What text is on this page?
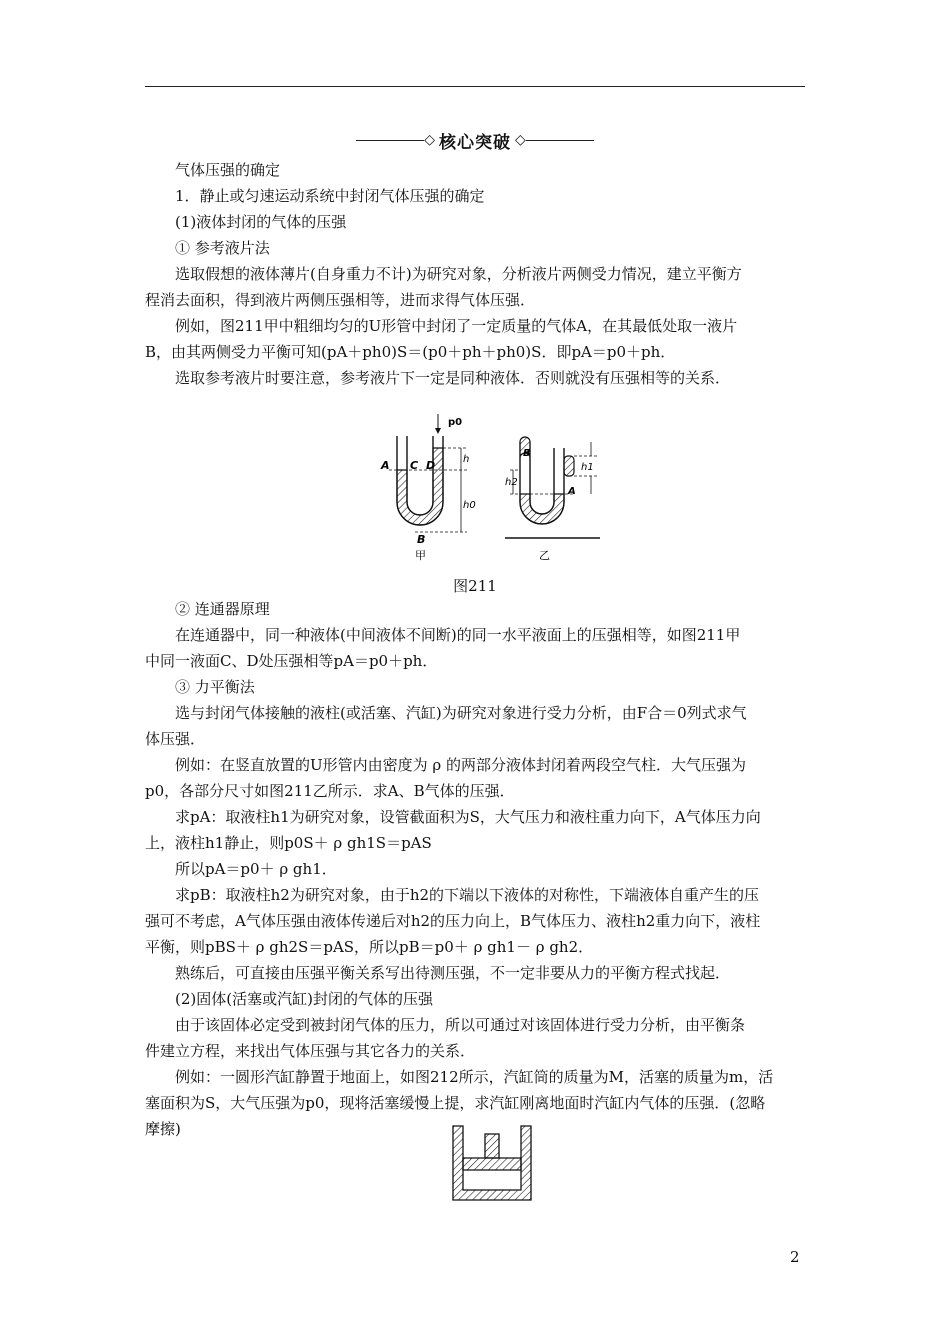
◇ 核心突破 ◇
气体压强的确定
1．静止或匀速运动系统中封闭气体压强的确定
(1)液体封闭的气体的压强
① 参考液片法
选取假想的液体薄片(自身重力不计)为研究对象，分析液片两侧受力情况，建立平衡方
程消去面积，得到液片两侧压强相等，进而求得气体压强．
例如，图211甲中粗细均匀的U形管中封闭了一定质量的气体A，在其最低处取一液片
B，由其两侧受力平衡可知(pA＋ph0)S＝(p0＋ph＋ph0)S．即pA＝p0＋ph．
选取参考液片时要注意，参考液片下一定是同种液体．否则就没有压强相等的关系．
p0
A C D	h
h0
B
甲
B
h2
h1
A
乙
图211
② 连通器原理
在连通器中，同一种液体(中间液体不间断)的同一水平液面上的压强相等，如图211甲
中同一液面C、D处压强相等pA＝p0＋ph．
③ 力平衡法
选与封闭气体接触的液柱(或活塞、汽缸)为研究对象进行受力分析，由F合＝0列式求气
体压强．
例如：在竖直放置的U形管内由密度为 ρ 的两部分液体封闭着两段空气柱．大气压强为
p0，各部分尺寸如图211乙所示．求A、B气体的压强．
求pA：取液柱h1为研究对象，设管截面积为S，大气压力和液柱重力向下，A气体压力向
上，液柱h1静止，则p0S＋ ρ gh1S＝pAS
所以pA＝p0＋ ρ gh1．
求pB：取液柱h2为研究对象，由于h2的下端以下液体的对称性，下端液体自重产生的压
强可不考虑，A气体压强由液体传递后对h2的压力向上，B气体压力、液柱h2重力向下，液柱
平衡，则pBS＋ ρ gh2S＝pAS，所以pB＝p0＋ ρ gh1－ ρ gh2．
熟练后，可直接由压强平衡关系写出待测压强，不一定非要从力的平衡方程式找起．
(2)固体(活塞或汽缸)封闭的气体的压强
由于该固体必定受到被封闭气体的压力，所以可通过对该固体进行受力分析，由平衡条
件建立方程，来找出气体压强与其它各力的关系．
例如：一圆形汽缸静置于地面上，如图212所示，汽缸筒的质量为M，活塞的质量为m，活
塞面积为S，大气压强为p0，现将活塞缓慢上提，求汽缸刚离地面时汽缸内气体的压强．(忽略
摩擦)
2
